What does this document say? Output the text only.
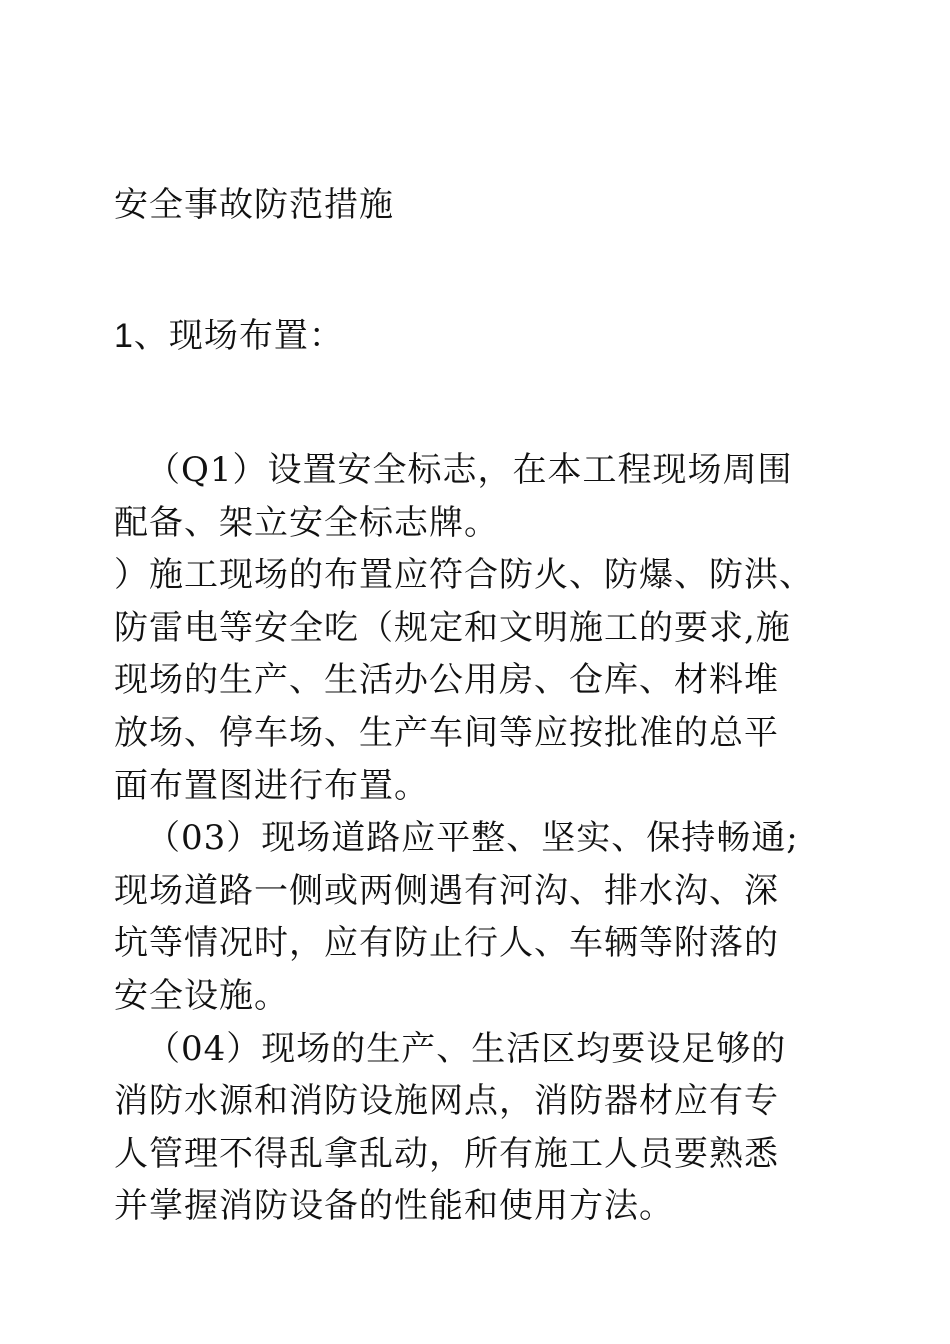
安全事故防范措施
1、现场布置：
（Q1）设置安全标志，在本工程现场周围
配备、架立安全标志牌。
）施工现场的布置应符合防火、防爆、防洪、
防雷电等安全吃（规定和文明施工的要求,施
现场的生产、生活办公用房、仓库、材料堆
放场、停车场、生产车间等应按批准的总平
面布置图进行布置。
（03）现场道路应平整、坚实、保持畅通;
现场道路一侧或两侧遇有河沟、排水沟、深
坑等情况时，应有防止行人、车辆等附落的
安全设施。
（04）现场的生产、生活区均要设足够的
消防水源和消防设施网点，消防器材应有专
人管理不得乱拿乱动，所有施工人员要熟悉
并掌握消防设备的性能和使用方法。
